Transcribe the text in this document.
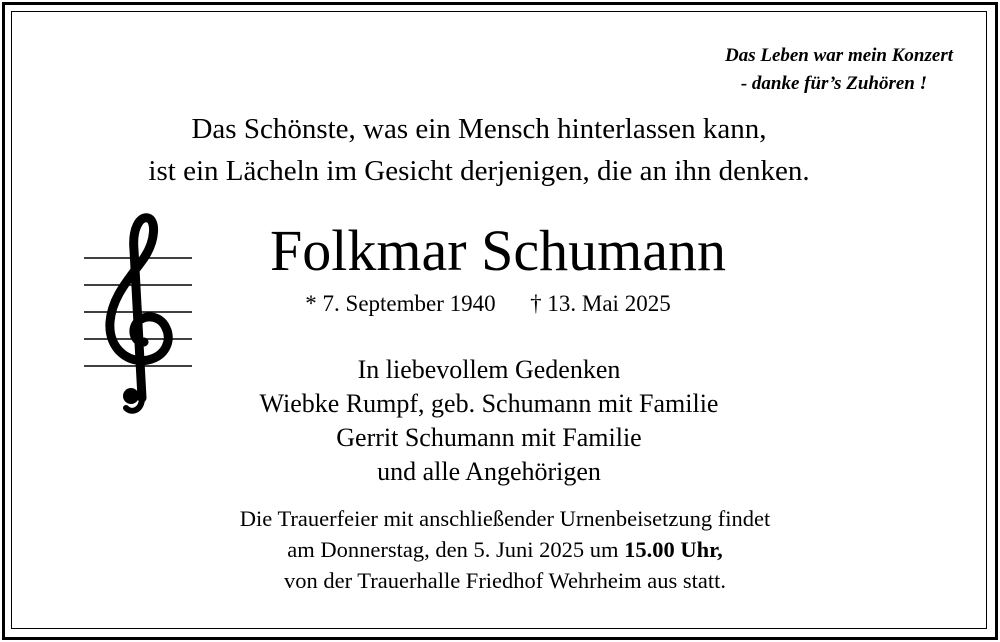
Das Leben war mein Konzert

- danke für’s Zuhören !
Das Schönste, was ein Mensch hinterlassen kann,
ist ein Lächeln im Gesicht derjenigen, die an ihn denken.
Folkmar Schumann
* 7. September 1940 † 13. Mai 2025
In liebevollem Gedenken
Wiebke Rumpf, geb. Schumann mit Familie
Gerrit Schumann mit Familie
und alle Angehörigen
Die Trauerfeier mit anschließender Urnenbeisetzung findet
am Donnerstag, den 5. Juni 2025 um 15.00 Uhr,
von der Trauerhalle Friedhof Wehrheim aus statt.
